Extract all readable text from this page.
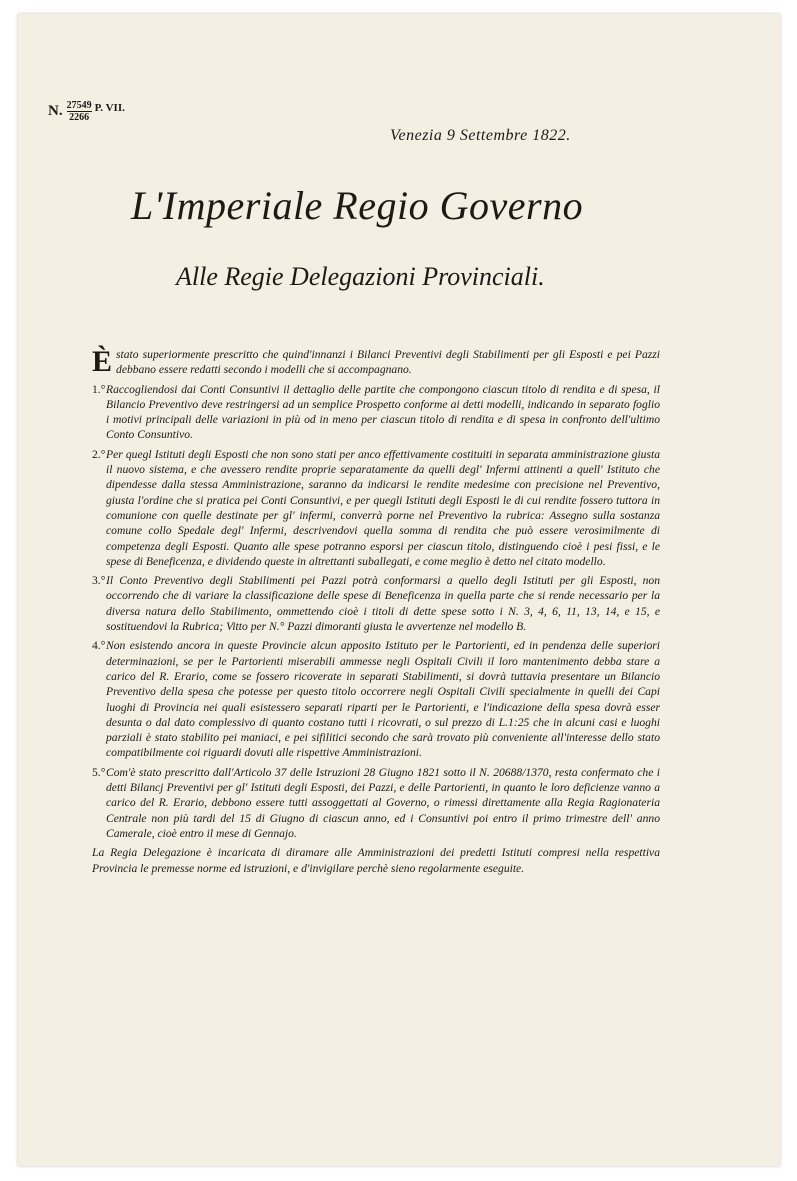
N. $\frac{27549}{2266} P$. VII.
Venezia 9 Settembre 1822.
L'Imperiale Regio Governo
Alle Regie Delegazioni Provinciali.

È stato superiormente prescritto che quind'innanzi i Bilanci Preventivi degli Stabilimenti per gli Esposti e pei Pazzi debbano essere redatti secondo i modelli che si accompagnano.

1.° Raccogliendosi dai Conti Consuntivi il dettaglio delle partite che compongono ciascun titolo di rendita e di spesa, il Bilancio Preventivo deve restringersi ad un semplice Prospetto conforme ai detti modelli, indicando in separato foglio i motivi principali delle variazioni in più od in meno per ciascun titolo di rendita e di spesa in confronto dell'ultimo Conto Consuntivo.

2.° Per quegl Istituti degli Esposti che non sono stati per anco effettivamente costituiti in separata amministrazione giusta il nuovo sistema, e che avessero rendite proprie separatamente da quelli degl' Infermi attinenti a quell' Istituto che dipendesse dalla stessa Amministrazione, saranno da indicarsi le rendite medesime con precisione nel Preventivo, giusta l'ordine che si pratica pei Conti Consuntivi, e per quegli Istituti degli Esposti le di cui rendite fossero tuttora in comunione con quelle destinate per gl' infermi, converrà porne nel Preventivo la rubrica: Assegno sulla sostanza comune collo Spedale degl' Infermi, descrivendovi quella somma di rendita che può essere verosimilmente di competenza degli Esposti. Quanto alle spese potranno esporsi per ciascun titolo, distinguendo cioè i pesi fissi, e le spese di Beneficenza, e dividendo queste in altrettanti suballegati, e come meglio è detto nel citato modello.

3.° Il Conto Preventivo degli Stabilimenti pei Pazzi potrà conformarsi a quello degli Istituti per gli Esposti, non occorrendo che di variare la classificazione delle spese di Beneficenza in quella parte che si rende necessario per la diversa natura dello Stabilimento, ommettendo cioè i titoli di dette spese sotto i N. 3, 4, 6, 11, 13, 14, e 15, e sostituendovi la Rubrica; Vitto per N.° Pazzi dimoranti giusta le avvertenze nel modello B.

4.° Non esistendo ancora in queste Provincie alcun apposito Istituto per le Partorienti, ed in pendenza delle superiori determinazioni, se per le Partorienti miserabili ammesse negli Ospitali Civili il loro mantenimento debba stare a carico del R. Erario, come se fossero ricoverate in separati Stabilimenti, si dovrà tuttavia presentare un Bilancio Preventivo della spesa che potesse per questo titolo occorrere negli Ospitali Civili specialmente in quelli dei Capi luoghi di Provincia nei quali esistessero separati riparti per le Partorienti, e l'indicazione della spesa dovrà esser desunta o dal dato complessivo di quanto costano tutti i ricovrati, o sul prezzo di L.1:25 che in alcuni casi e luoghi parziali è stato stabilito pei maniaci, e pei sifilitici secondo che sarà trovato più conveniente all'interesse dello stato compatibilmente coi riguardi dovuti alle rispettive Amministrazioni.

5.° Com'è stato prescritto dall'Articolo 37 delle Istruzioni 28 Giugno 1821 sotto il N. 20688/1370, resta confermato che i detti Bilancj Preventivi per gl' Istituti degli Esposti, dei Pazzi, e delle Partorienti, in quanto le loro deficienze vanno a carico del R. Erario, debbono essere tutti assoggettati al Governo, o rimessi direttamente alla Regia Ragionateria Centrale non più tardi del 15 di Giugno di ciascun anno, ed i Consuntivi poi entro il primo trimestre dell' anno Camerale, cioè entro il mese di Gennajo.

La Regia Delegazione è incaricata di diramare alle Amministrazioni dei predetti Istituti compresi nella respettiva Provincia le premesse norme ed istruzioni, e d'invigilare perchè sieno regolarmente eseguite.
